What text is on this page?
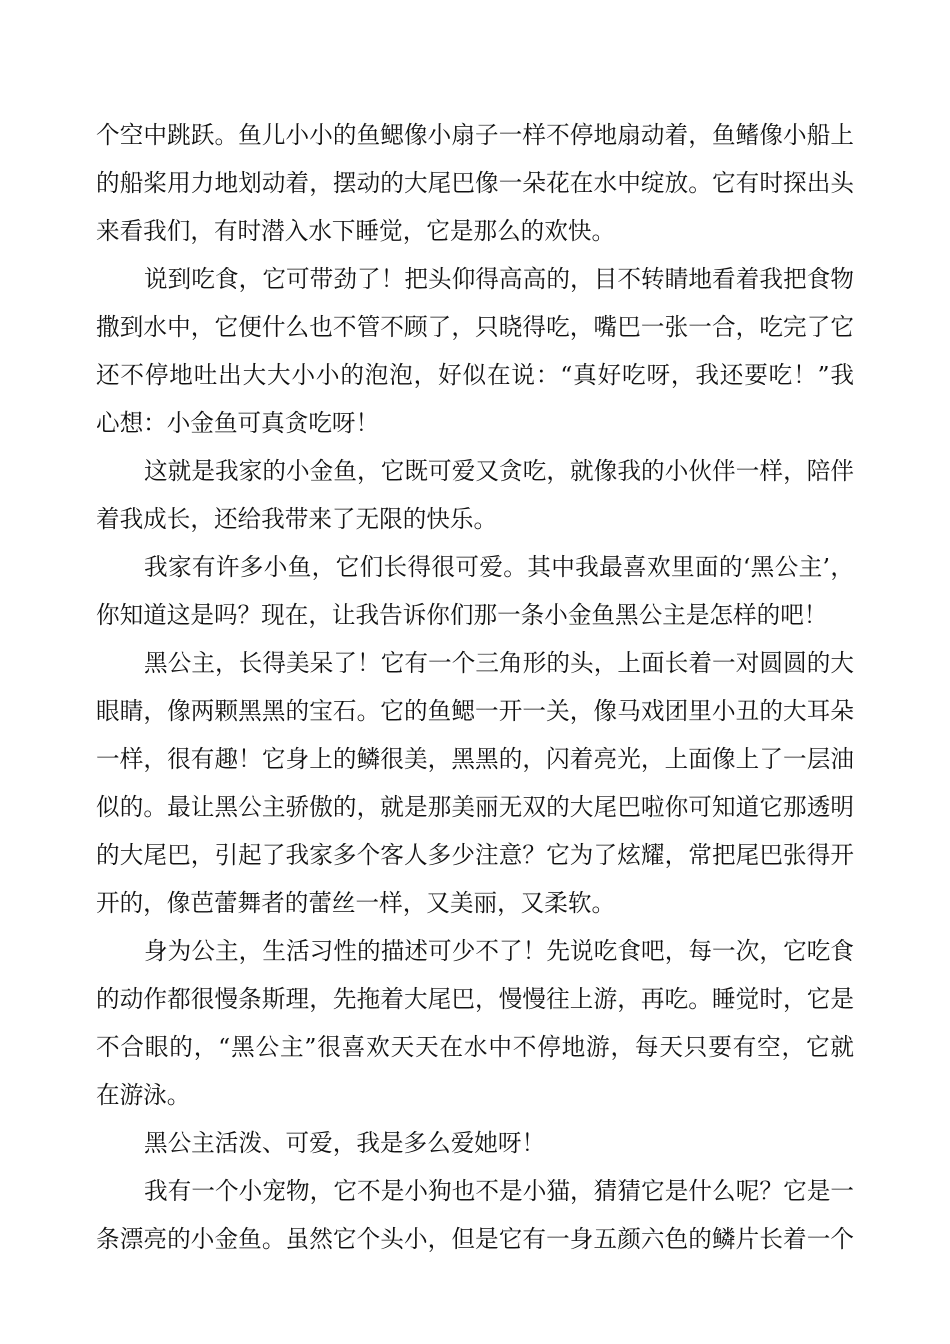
个空中跳跃。鱼儿小小的鱼鳃像小扇子一样不停地扇动着，鱼鳍像小船上
的船桨用力地划动着，摆动的大尾巴像一朵花在水中绽放。它有时探出头
来看我们，有时潜入水下睡觉，它是那么的欢快。
说到吃食，它可带劲了！把头仰得高高的，目不转睛地看着我把食物
撒到水中，它便什么也不管不顾了，只晓得吃，嘴巴一张一合，吃完了它
还不停地吐出大大小小的泡泡，好似在说：“真好吃呀，我还要吃！”我
心想：小金鱼可真贪吃呀！
这就是我家的小金鱼，它既可爱又贪吃，就像我的小伙伴一样，陪伴
着我成长，还给我带来了无限的快乐。
我家有许多小鱼，它们长得很可爱。其中我最喜欢里面的‘黑公主’，
你知道这是吗？现在，让我告诉你们那一条小金鱼黑公主是怎样的吧！
黑公主，长得美呆了！它有一个三角形的头，上面长着一对圆圆的大
眼睛，像两颗黑黑的宝石。它的鱼鳃一开一关，像马戏团里小丑的大耳朵
一样，很有趣！它身上的鳞很美，黑黑的，闪着亮光，上面像上了一层油
似的。最让黑公主骄傲的，就是那美丽无双的大尾巴啦你可知道它那透明
的大尾巴，引起了我家多个客人多少注意？它为了炫耀，常把尾巴张得开
开的，像芭蕾舞者的蕾丝一样，又美丽，又柔软。
身为公主，生活习性的描述可少不了！先说吃食吧，每一次，它吃食
的动作都很慢条斯理，先拖着大尾巴，慢慢往上游，再吃。睡觉时，它是
不合眼的，“黑公主”很喜欢天天在水中不停地游，每天只要有空，它就
在游泳。
黑公主活泼、可爱，我是多么爱她呀！
我有一个小宠物，它不是小狗也不是小猫，猜猜它是什么呢？它是一
条漂亮的小金鱼。虽然它个头小，但是它有一身五颜六色的鳞片长着一个
